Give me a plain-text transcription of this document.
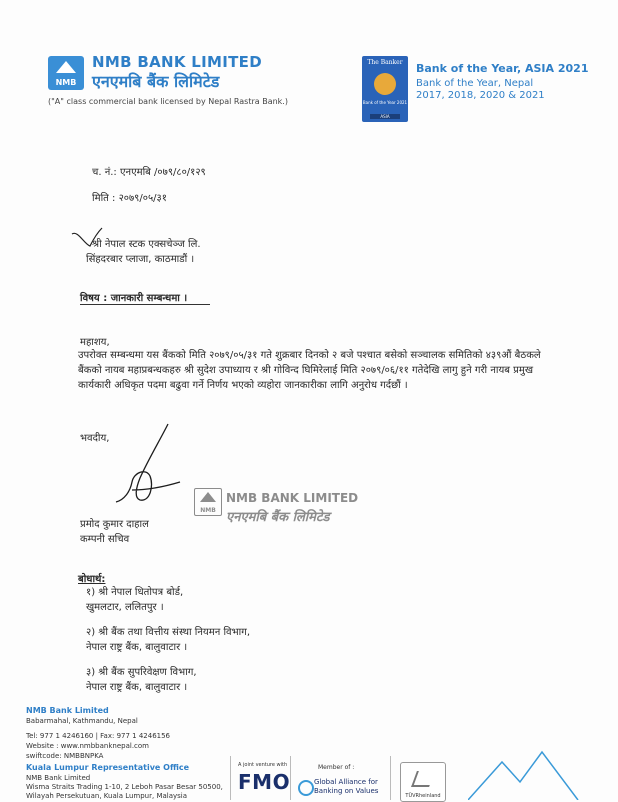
NMB
NMB BANK LIMITED
एनएमबि बैंक लिमिटेड
("A" class commercial bank licensed by Nepal Rastra Bank.)
The Banker
Bank of the Year 2021
ASIA
Bank of the Year, ASIA 2021
Bank of the Year, Nepal
2017, 2018, 2020 & 2021
च. नं.: एनएमबि /०७९/८०/१२९
मिति : २०७९/०५/३१
श्री नेपाल स्टक एक्सचेञ्ज लि.
सिंहदरबार प्लाजा, काठमाडौं ।
विषय : जानकारी सम्बन्धमा ।
महाशय,
उपरोक्त सम्बन्धमा यस बैंकको मिति २०७९/०५/३१ गते शुक्रबार दिनको २ बजे पश्चात बसेको सञ्चालक समितिको ४३९औं बैठकले बैंकको नायब महाप्रबन्धकहरु श्री सुदेश उपाध्याय र श्री गोविन्द घिमिरेलाई मिति २०७९/०६/११ गतेदेखि लागु हुने गरी नायब प्रमुख कार्यकारी अधिकृत पदमा बढुवा गर्ने निर्णय भएको व्यहोरा जानकारीका लागि अनुरोध गर्दछौं ।
भवदीय,
NMB
NMB BANK LIMITED
एनएमबि बैंक लिमिटेड
प्रमोद कुमार दाहाल
कम्पनी सचिव
बोधार्थ:
१) श्री नेपाल धितोपत्र बोर्ड,
खुमलटार, ललितपुर ।
२) श्री बैंक तथा वित्तीय संस्था नियमन विभाग,
नेपाल राष्ट्र बैंक, बालुवाटार ।
३) श्री बैंक सुपरिवेक्षण विभाग,
नेपाल राष्ट्र बैंक, बालुवाटार ।
NMB Bank Limited
Babarmahal, Kathmandu, Nepal
Tel: 977 1 4246160 | Fax: 977 1 4246156
Website : www.nmbbanknepal.com
swiftcode: NMBBNPKA
Kuala Lumpur Representative Office
NMB Bank Limited
Wisma Straits Trading 1-10, 2 Leboh Pasar Besar 50500,
Wilayah Persekutuan, Kuala Lumpur, Malaysia
A joint venture with
FMO
Member of :
Global Alliance for Banking on Values
TÜVRheinland
